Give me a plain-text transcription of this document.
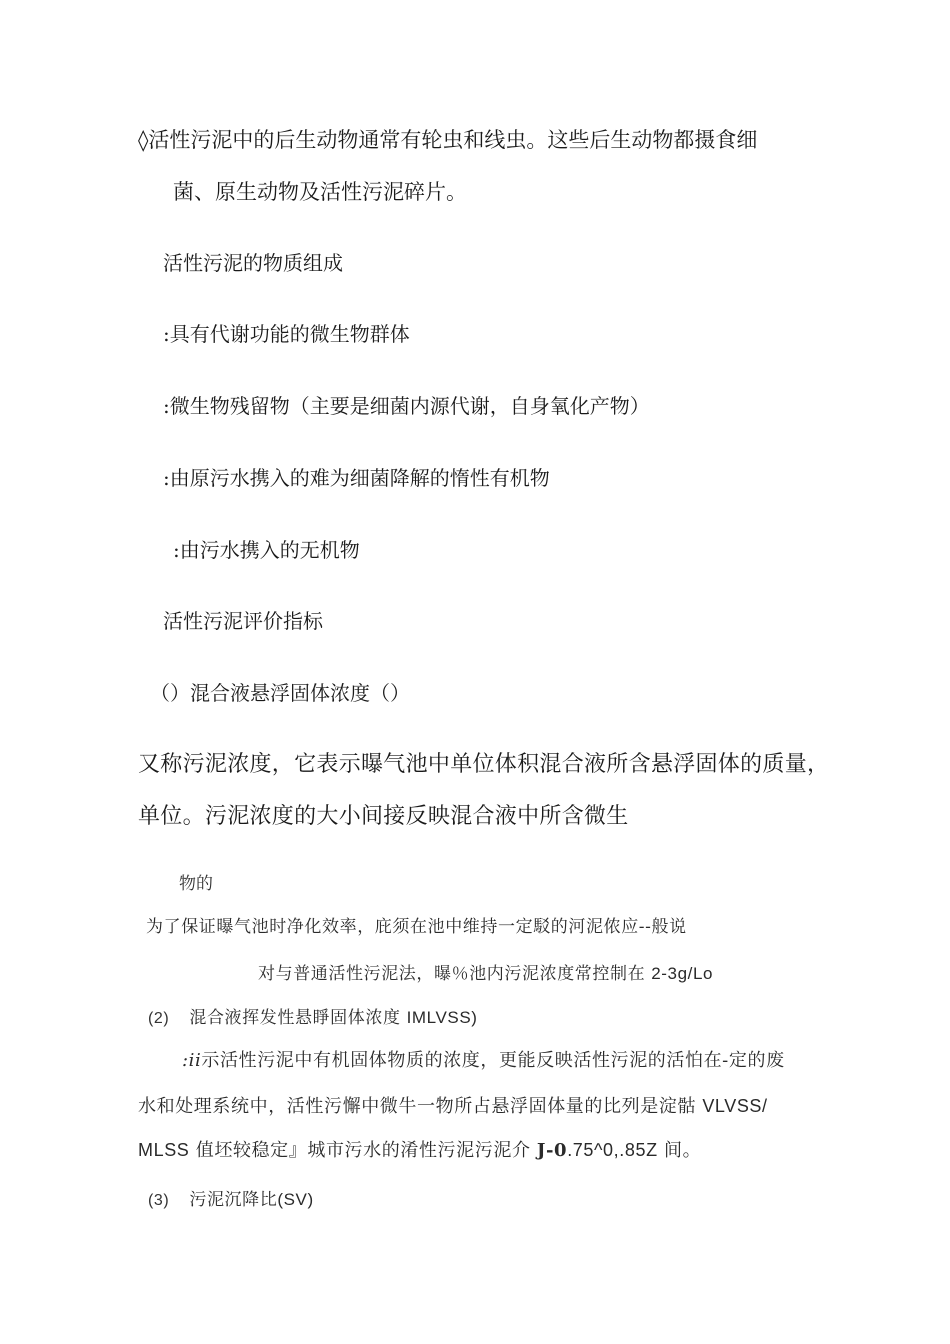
◊活性污泥中的后生动物通常有轮虫和线虫。这些后生动物都摄食细

菌、原生动物及活性污泥碎片。

活性污泥的物质组成

:具有代谢功能的微生物群体

:微生物残留物（主要是细菌内源代谢，自身氧化产物）

:由原污水携入的难为细菌降解的惰性有机物

:由污水携入的无机物

活性污泥评价指标

（）混合液悬浮固体浓度（）

又称污泥浓度，它表示曝气池中单位体积混合液所含悬浮固体的质量，

单位。污泥浓度的大小间接反映混合液中所含微生

物的

为了保证曝气池时净化效率，庇须在池中维持一定駁的河泥侬应--般说

对与普通活性污泥法，曝％池内污泥浓度常控制在 2-3g/Lo

(2) 混合液挥发性悬睜固体浓度 IMLVSS)

:ii示活性污泥中有机固体物质的浓度，更能反映活性污泥的活怕在-定的废

水和处理系统中，活性污懈中微牛一物所占悬浮固体量的比列是淀骷 VLVSS/

MLSS 值坯较稳定』城市污水的淆性污泥污泥介 J-0.75^0,.85Z 间。

(3) 污泥沉降比(SV)
